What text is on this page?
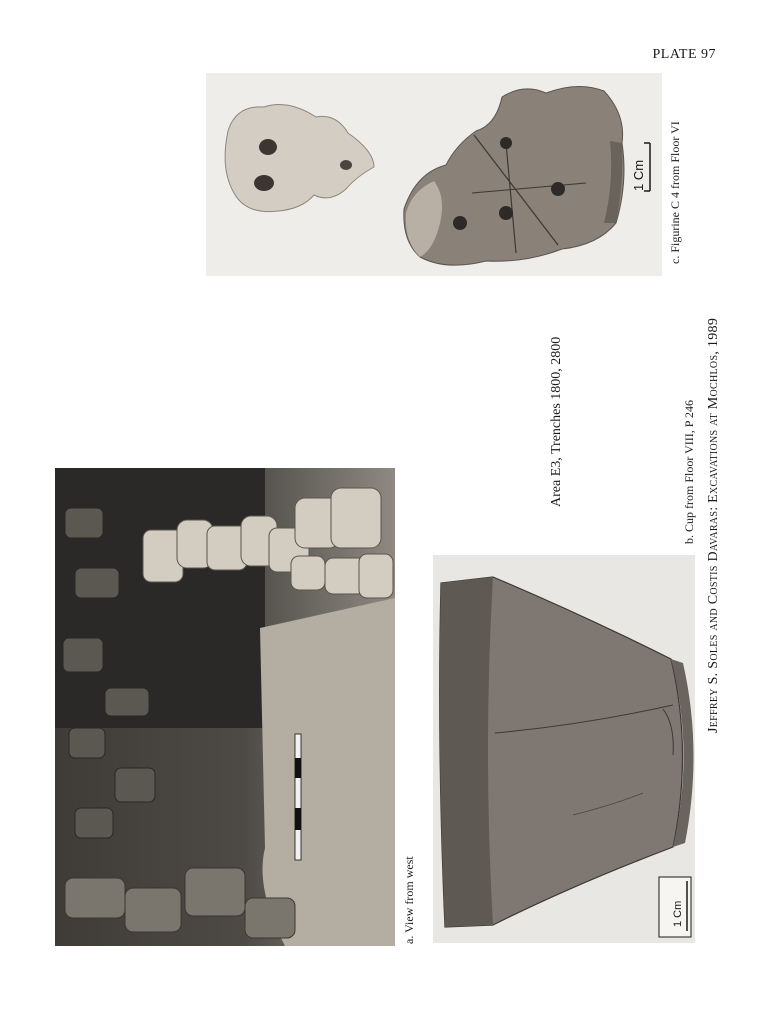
PLATE 97
1 Cm c. Figurine C 4 from Floor VI
a. View from west	1 Cm
b. Cup from Floor VIII, P 246
Area E3, Trenches 1800, 2800	Jeffrey S. Soles and Costis Davaras: Excavations at Mochlos, 1989
